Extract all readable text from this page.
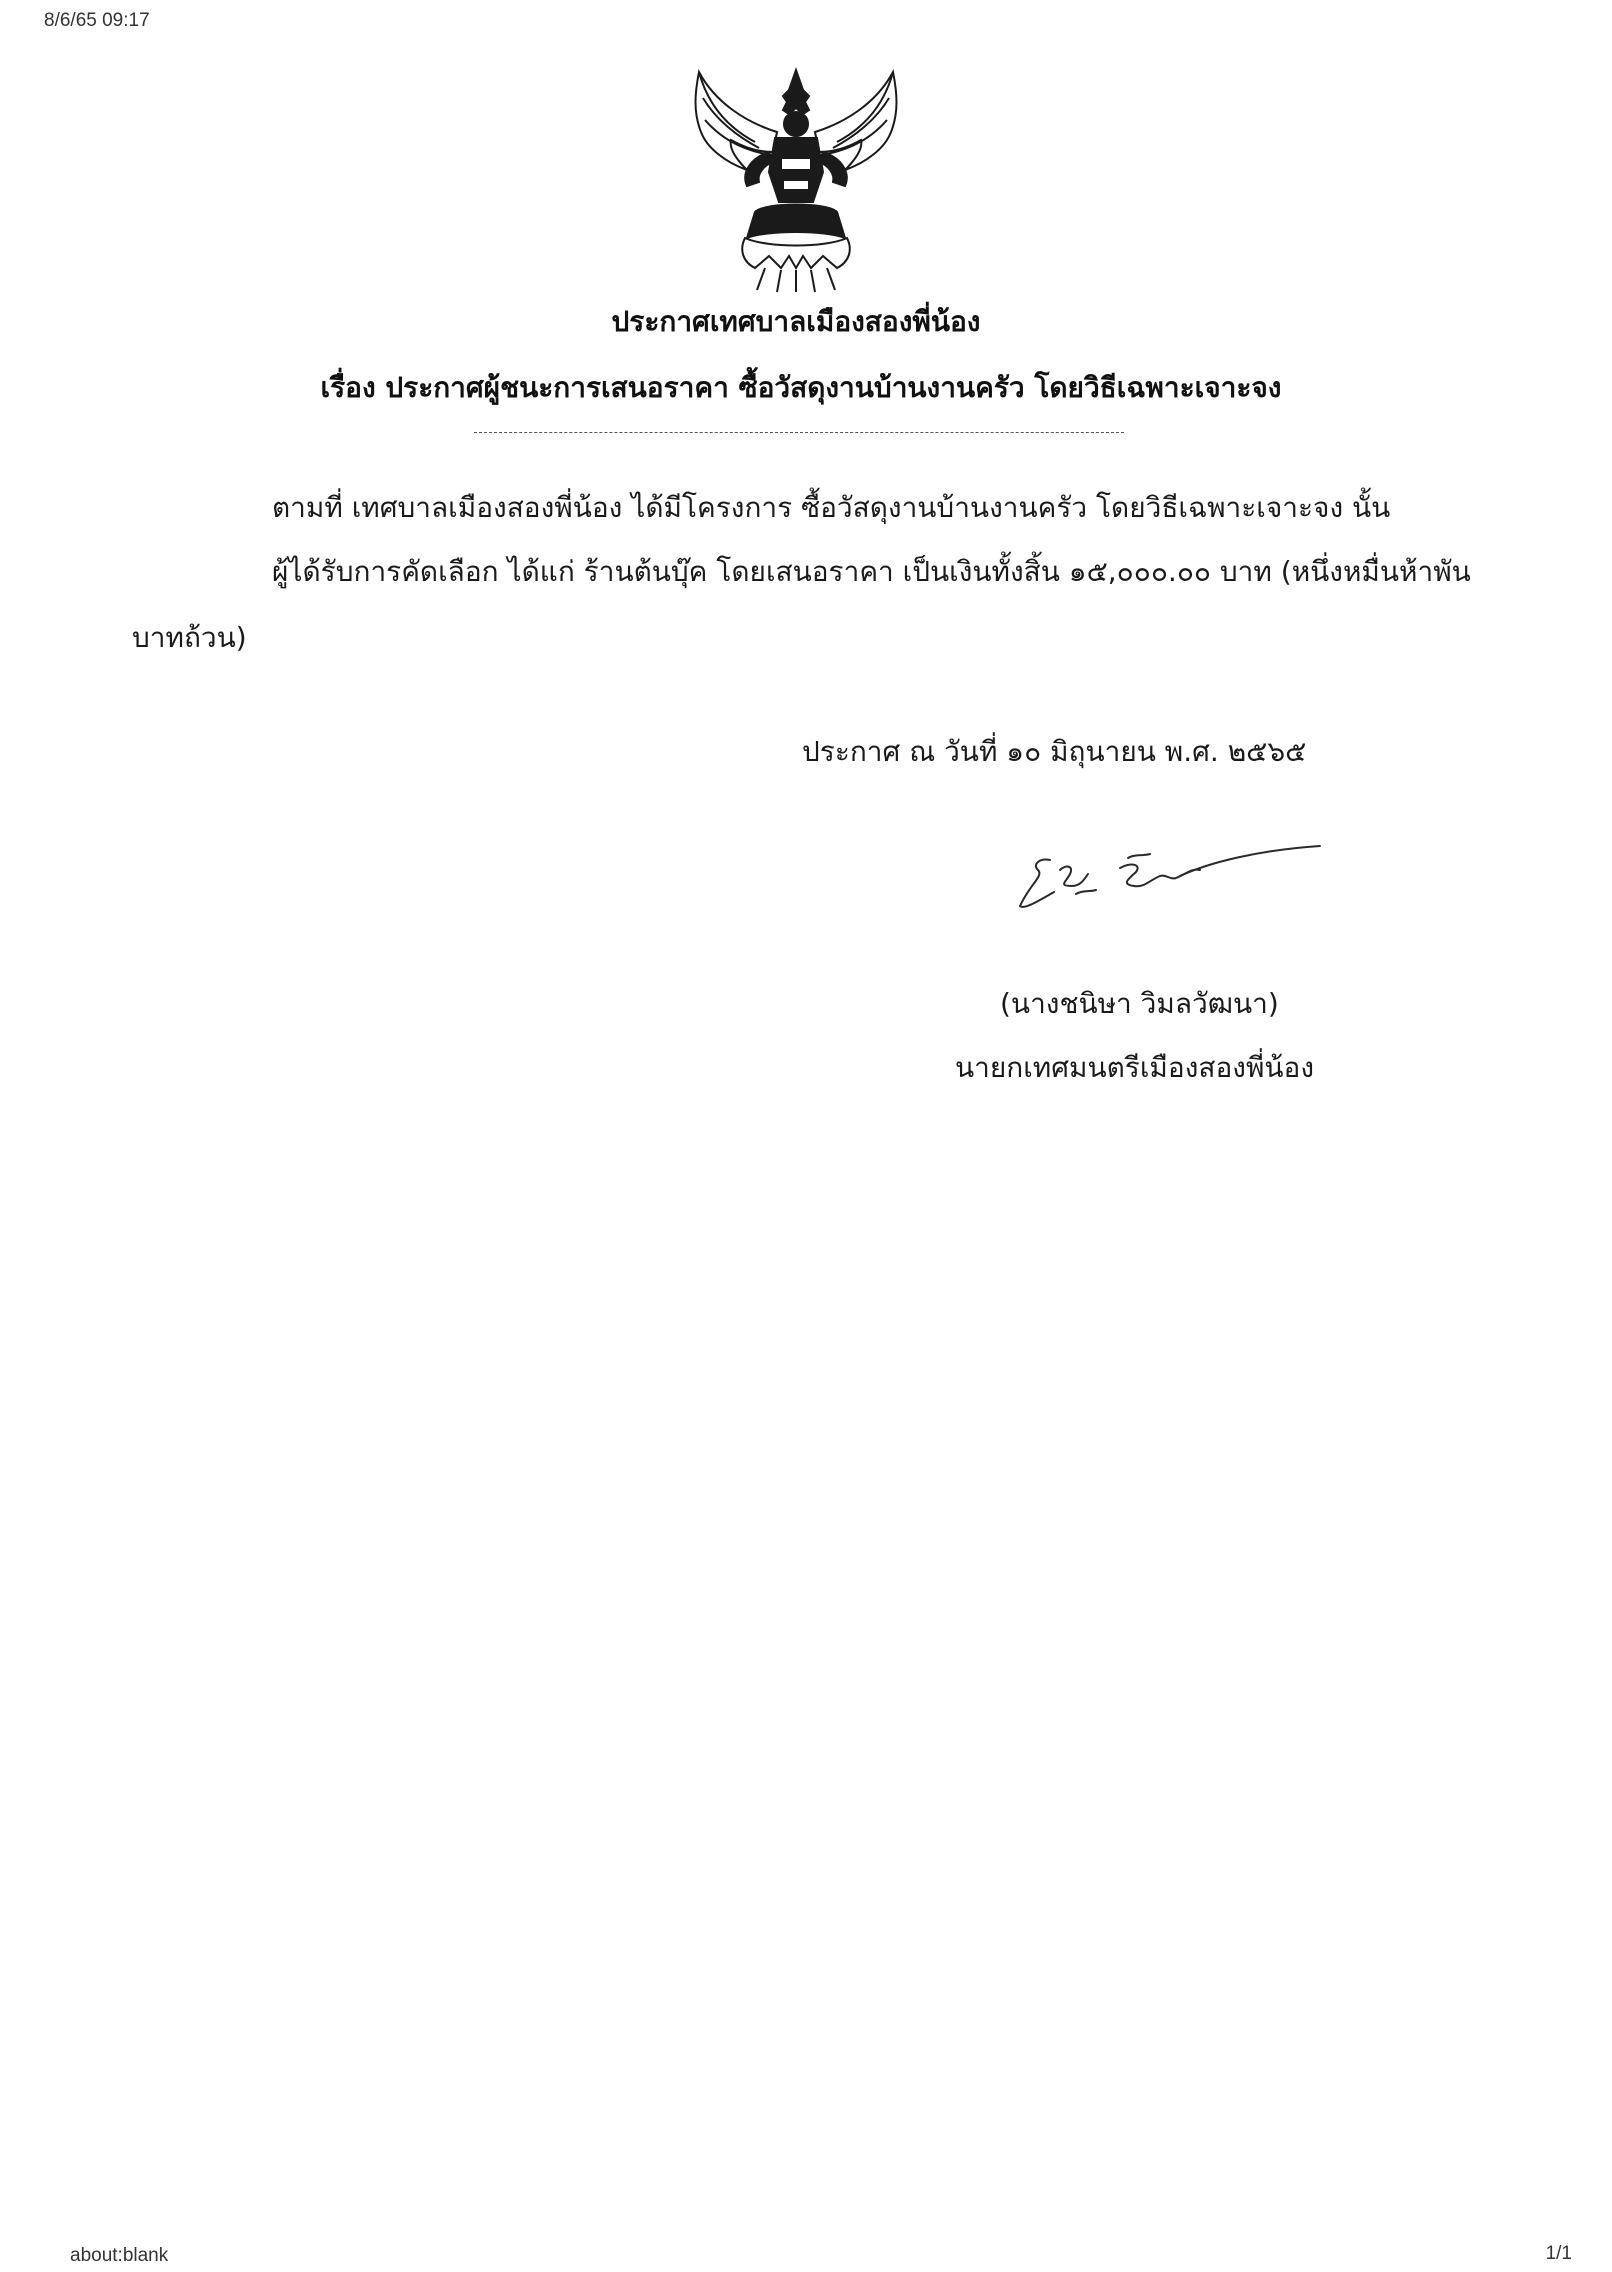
8/6/65 09:17
ประกาศเทศบาลเมืองสองพี่น้อง
เรื่อง ประกาศผู้ชนะการเสนอราคา ซื้อวัสดุงานบ้านงานครัว โดยวิธีเฉพาะเจาะจง
ตามที่ เทศบาลเมืองสองพี่น้อง ได้มีโครงการ ซื้อวัสดุงานบ้านงานครัว โดยวิธีเฉพาะเจาะจง นั้น
ผู้ได้รับการคัดเลือก ได้แก่ ร้านต้นบุ๊ค โดยเสนอราคา เป็นเงินทั้งสิ้น ๑๕,๐๐๐.๐๐ บาท (หนึ่งหมื่นห้าพัน
บาทถ้วน)
ประกาศ ณ วันที่ ๑๐ มิถุนายน พ.ศ. ๒๕๖๕
(นางชนิษา วิมลวัฒนา)
นายกเทศมนตรีเมืองสองพี่น้อง
about:blank	1/1
